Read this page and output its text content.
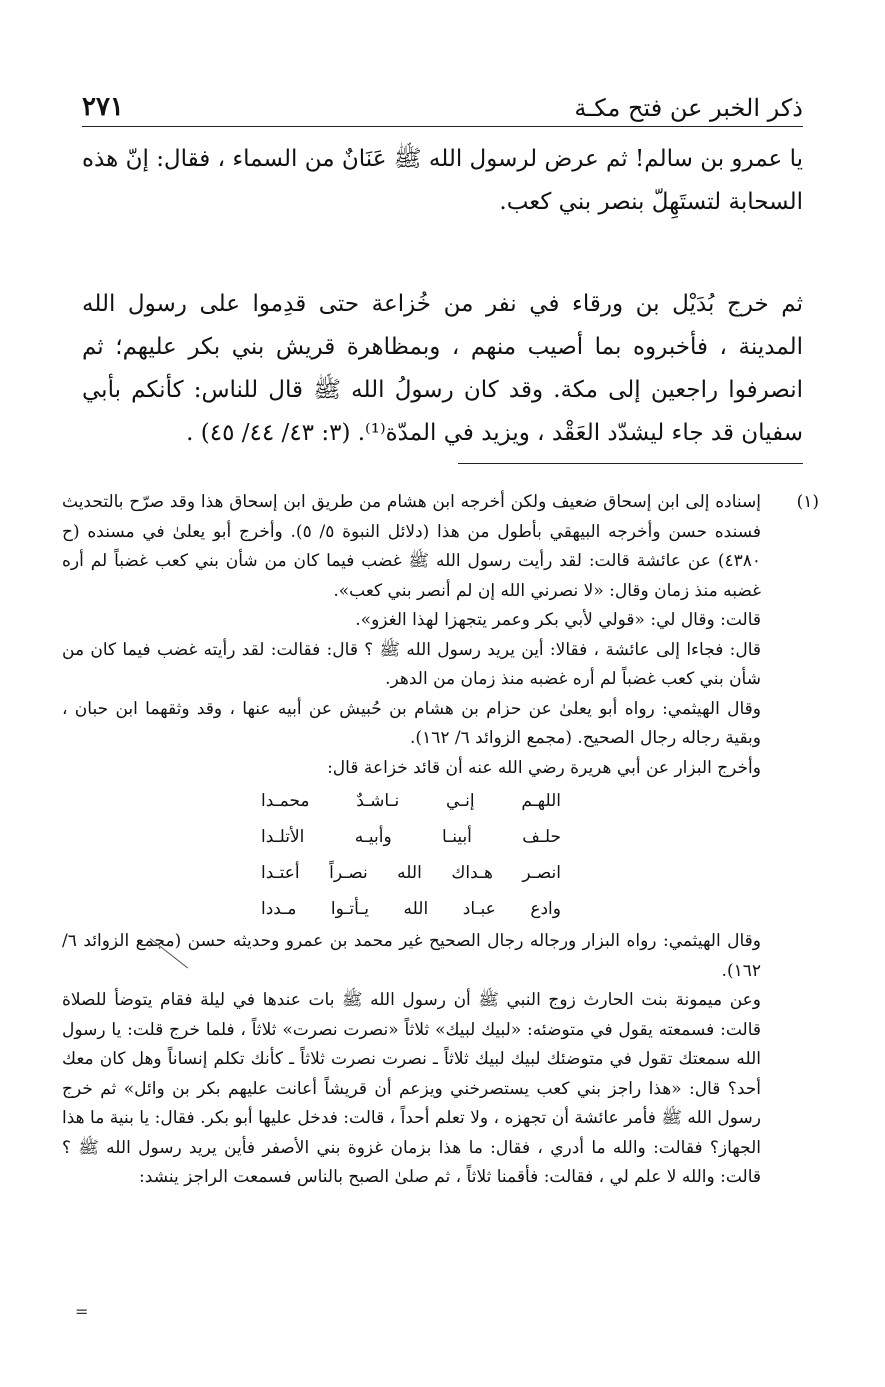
ذكر الخبر عن فتح مكـة
٢٧١

يا عمرو بن سالم! ثم عرض لرسول الله ﷺ عَنَانٌ من السماء ، فقال: إنّ هذه السحابة لتستَهِلّ بنصر بني كعب.

ثم خرج بُدَيْل بن ورقاء في نفر من خُزاعة حتى قدِموا على رسول الله المدينة ، فأخبروه بما أصيب منهم ، وبمظاهرة قريش بني بكر عليهم؛ ثم انصرفوا راجعين إلى مكة. وقد كان رسولُ الله ﷺ قال للناس: كأنكم بأبي سفيان قد جاء ليشدّد العَقْد ، ويزيد في المدّة⁽¹⁾. (٣: ٤٣/ ٤٤/ ٤٥) .

(١)

إسناده إلى ابن إسحاق ضعيف ولكن أخرجه ابن هشام من طريق ابن إسحاق هذا وقد صرّح بالتحديث فسنده حسن وأخرجه البيهقي بأطول من هذا (دلائل النبوة ٥/ ٥). وأخرج أبو يعلىٰ في مسنده (ح ٤٣٨٠) عن عائشة قالت: لقد رأيت رسول الله ﷺ غضب فيما كان من شأن بني كعب غضباً لم أره غضبه منذ زمان وقال: «لا نصرني الله إن لم أنصر بني كعب».

قالت: وقال لي: «قولي لأبي بكر وعمر يتجهزا لهذا الغزو».

قال: فجاءا إلى عائشة ، فقالا: أين يريد رسول الله ﷺ ؟ قال: فقالت: لقد رأيته غضب فيما كان من شأن بني كعب غضباً لم أره غضبه منذ زمان من الدهر.

وقال الهيثمي: رواه أبو يعلىٰ عن حزام بن هشام بن حُبيش عن أبيه عنها ، وقد وثقهما ابن حبان ، وبقية رجاله رجال الصحيح. (مجمع الزوائد ٦/ ١٦٢).

وأخرج البزار عن أبي هريرة رضي الله عنه أن قائد خزاعة قال:

اللهـم إنـي نـاشـدٌ محمـدا
حلـف أبينـا وأبيـه الأتلـدا
انصـر هـداك الله نصـراً أعتـدا
وادع عبـاد الله يـأتـوا مـددا

وقال الهيثمي: رواه البزار ورجاله رجال الصحيح غير محمد بن عمرو وحديثه حسن (مجمع الزوائد ٦/ ١٦٢).

وعن ميمونة بنت الحارث زوج النبي ﷺ أن رسول الله ﷺ بات عندها في ليلة فقام يتوضأ للصلاة قالت: فسمعته يقول في متوضئه: «لبيك لبيك» ثلاثاً «نصرت نصرت» ثلاثاً ، فلما خرج قلت: يا رسول الله سمعتك تقول في متوضئك لبيك لبيك ثلاثاً ـ نصرت نصرت ثلاثاً ـ كأنك تكلم إنساناً وهل كان معك أحد؟ قال: «هذا راجز بني كعب يستصرخني ويزعم أن قريشاً أعانت عليهم بكر بن وائل» ثم خرج رسول الله ﷺ فأمر عائشة أن تجهزه ، ولا تعلم أحداً ، قالت: فدخل عليها أبو بكر. فقال: يا بنية ما هذا الجهاز؟ فقالت: والله ما أدري ، فقال: ما هذا بزمان غزوة بني الأصفر فأين يريد رسول الله ﷺ ؟ قالت: والله لا علم لي ، فقالت: فأقمنا ثلاثاً ، ثم صلىٰ الصبح بالناس فسمعت الراجز ينشد:

=
